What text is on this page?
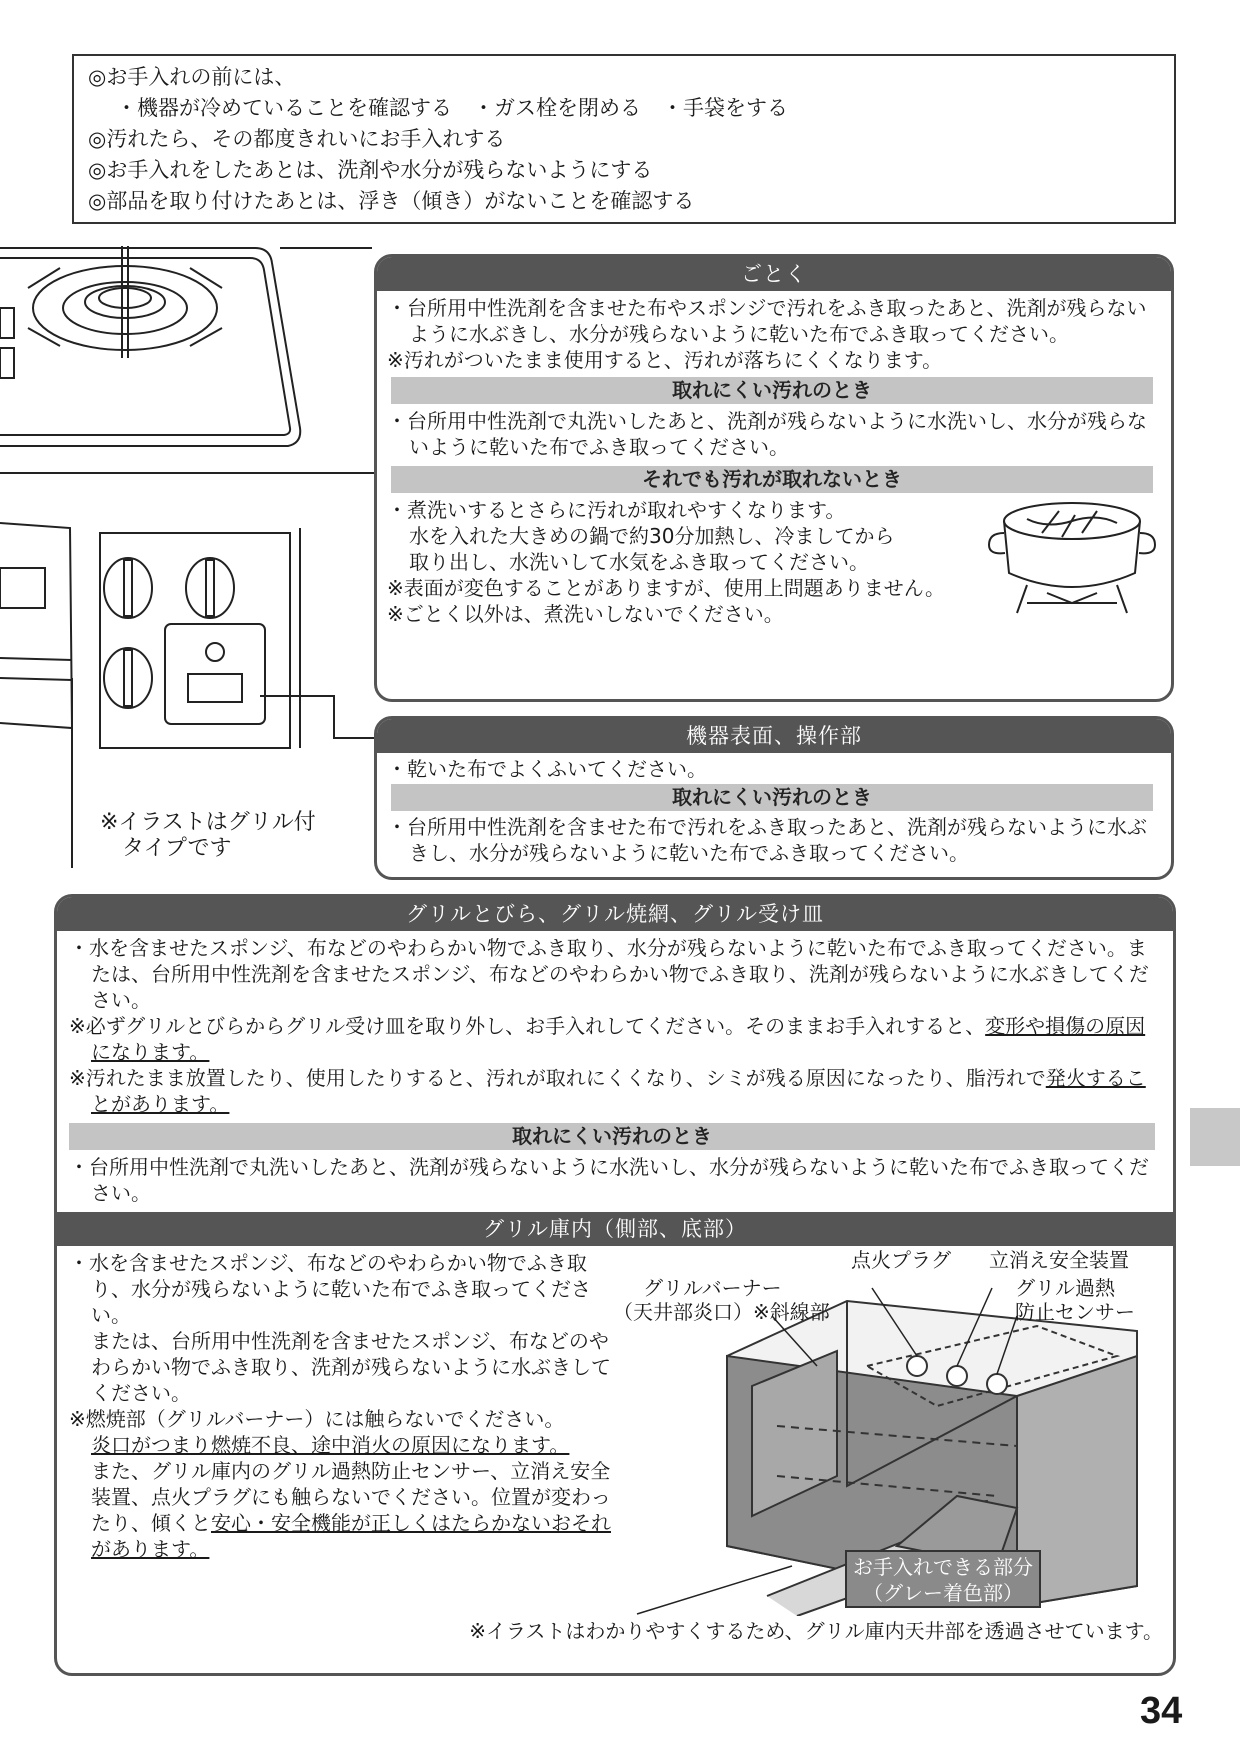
◎お手入れの前には、
・機器が冷めていることを確認する　・ガス栓を閉める　・手袋をする
◎汚れたら、その都度きれいにお手入れする
◎お手入れをしたあとは、洗剤や水分が残らないようにする
◎部品を取り付けたあとは、浮き（傾き）がないことを確認する
※イラストはグリル付
タイプです
ごとく
・台所用中性洗剤を含ませた布やスポンジで汚れをふき取ったあと、洗剤が残らないように水ぶきし、水分が残らないように乾いた布でふき取ってください。
※汚れがついたまま使用すると、汚れが落ちにくくなります。
取れにくい汚れのとき
・台所用中性洗剤で丸洗いしたあと、洗剤が残らないように水洗いし、水分が残らないように乾いた布でふき取ってください。
それでも汚れが取れないとき
・煮洗いするとさらに汚れが取れやすくなります。
水を入れた大きめの鍋で約30分加熱し、冷ましてから
取り出し、水洗いして水気をふき取ってください。
※表面が変色することがありますが、使用上問題ありません。
※ごとく以外は、煮洗いしないでください。
機器表面、操作部
・乾いた布でよくふいてください。
取れにくい汚れのとき
・台所用中性洗剤を含ませた布で汚れをふき取ったあと、洗剤が残らないように水ぶきし、水分が残らないように乾いた布でふき取ってください。
グリルとびら、グリル焼網、グリル受け皿
・水を含ませたスポンジ、布などのやわらかい物でふき取り、水分が残らないように乾いた布でふき取ってください。または、台所用中性洗剤を含ませたスポンジ、布などのやわらかい物でふき取り、洗剤が残らないように水ぶきしてください。
※必ずグリルとびらからグリル受け皿を取り外し、お手入れしてください。そのままお手入れすると、変形や損傷の原因になります。
※汚れたまま放置したり、使用したりすると、汚れが取れにくくなり、シミが残る原因になったり、脂汚れで発火することがあります。
取れにくい汚れのとき
・台所用中性洗剤で丸洗いしたあと、洗剤が残らないように水洗いし、水分が残らないように乾いた布でふき取ってください。
グリル庫内（側部、底部）
・水を含ませたスポンジ、布などのやわらかい物でふき取り、水分が残らないように乾いた布でふき取ってください。
または、台所用中性洗剤を含ませたスポンジ、布などのやわらかい物でふき取り、洗剤が残らないように水ぶきしてください。
※燃焼部（グリルバーナー）には触らないでください。
炎口がつまり燃焼不良、途中消火の原因になります。
また、グリル庫内のグリル過熱防止センサー、立消え安全装置、点火プラグにも触らないでください。位置が変わったり、傾くと安心・安全機能が正しくはたらかないおそれがあります。
点火プラグ 立消え安全装置
グリルバーナー
（天井部炎口）※斜線部
グリル過熱
防止センサー
お手入れできる部分
（グレー着色部）
※イラストはわかりやすくするため、グリル庫内天井部を透過させています。
34
